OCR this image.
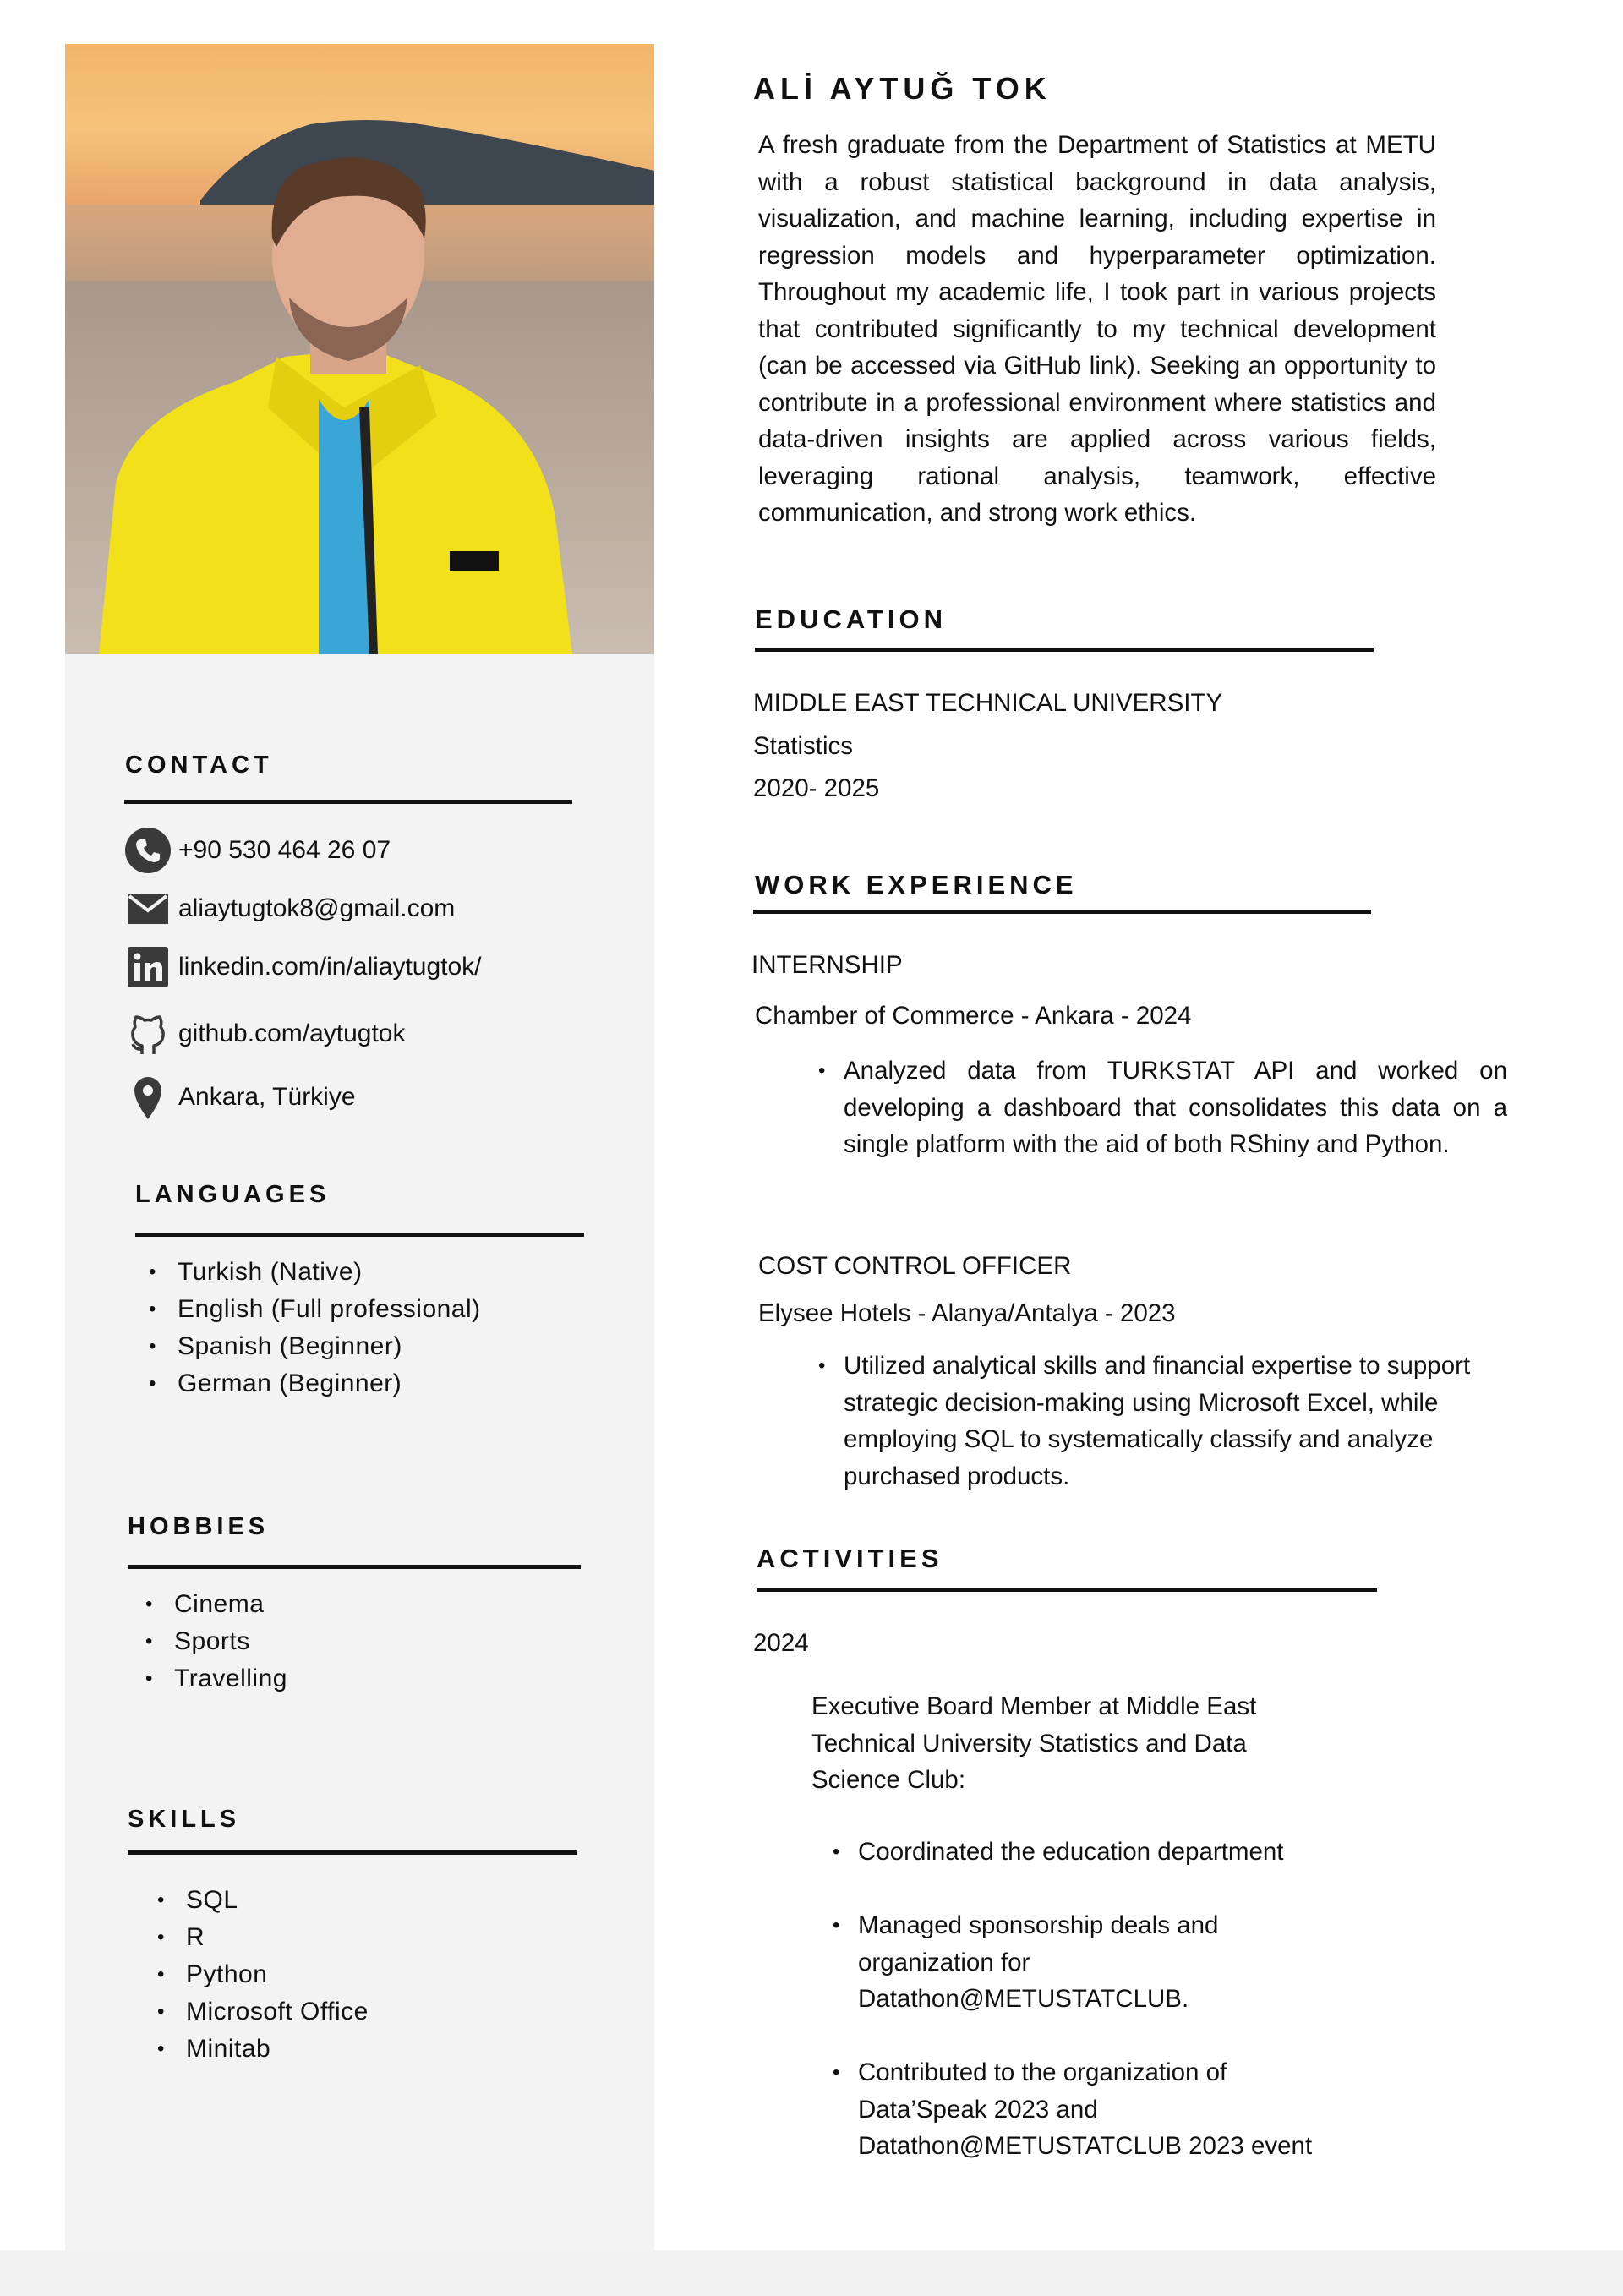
CONTACT
+90 530 464 26 07
aliaytugtok8@gmail.com
linkedin.com/in/aliaytugtok/
github.com/aytugtok
Ankara, Türkiye
LANGUAGES
• Turkish (Native)
• English (Full professional)
• Spanish (Beginner)
• German (Beginner)
HOBBIES
• Cinema
• Sports
• Travelling
SKILLS
• SQL
• R
• Python
• Microsoft Office
• Minitab
ALİ AYTUĞ TOK
A fresh graduate from the Department of Statistics at METU with a robust statistical background in data analysis, visualization, and machine learning, including expertise in regression models and hyperparameter optimization. Throughout my academic life, I took part in various projects that contributed significantly to my technical development (can be accessed via GitHub link). Seeking an opportunity to contribute in a professional environment where statistics and data-driven insights are applied across various fields, leveraging rational analysis, teamwork, effective communication, and strong work ethics.
EDUCATION
MIDDLE EAST TECHNICAL UNIVERSITY
Statistics
2020- 2025
WORK EXPERIENCE
INTERNSHIP
Chamber of Commerce - Ankara - 2024
• Analyzed data from TURKSTAT API and worked on developing a dashboard that consolidates this data on a single platform with the aid of both RShiny and Python.
COST CONTROL OFFICER
Elysee Hotels - Alanya/Antalya - 2023
• Utilized analytical skills and financial expertise to support strategic decision-making using Microsoft Excel, while employing SQL to systematically classify and analyze purchased products.
ACTIVITIES
2024
Executive Board Member at Middle East Technical University Statistics and Data Science Club:
• Coordinated the education department
• Managed sponsorship deals and organization for Datathon@METUSTATCLUB.
• Contributed to the organization of Data’Speak 2023 and Datathon@METUSTATCLUB 2023 event
